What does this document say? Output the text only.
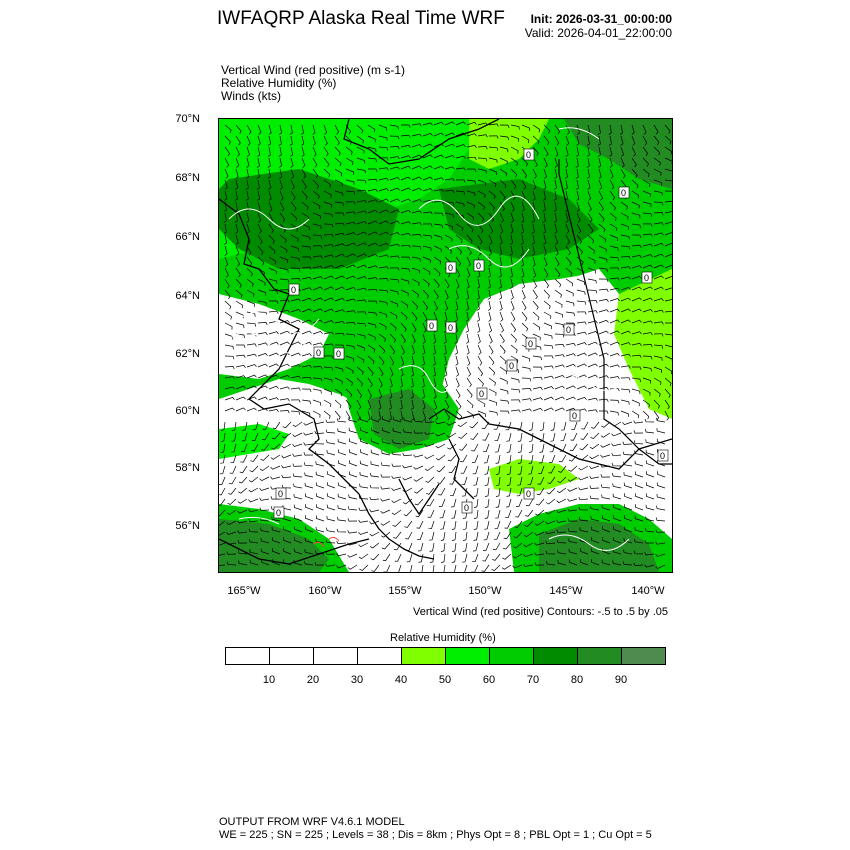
IWFAQRP Alaska Real Time WRF Init: 2026-03-31_00:00:00
Valid: 2026-04-01_22:00:00
Vertical Wind (red positive) (m s-1)
Relative Humidity (%)
Winds (kts)
0
0
0
0
0
0
0
0
0
0
0
0
0
0
0
0
0
0
0
0
70°N
68°N
66°N
64°N
62°N
60°N
58°N
56°N
165°W	160°W	155°W	150°W	145°W	140°W
Vertical Wind (red positive) Contours: -.5 to .5 by .05
Relative Humidity (%)
10	20	30	40	50	60	70	80	90
OUTPUT FROM WRF V4.6.1 MODEL
WE = 225 ; SN = 225 ; Levels = 38 ; Dis = 8km ; Phys Opt = 8 ; PBL Opt = 1 ; Cu Opt = 5
